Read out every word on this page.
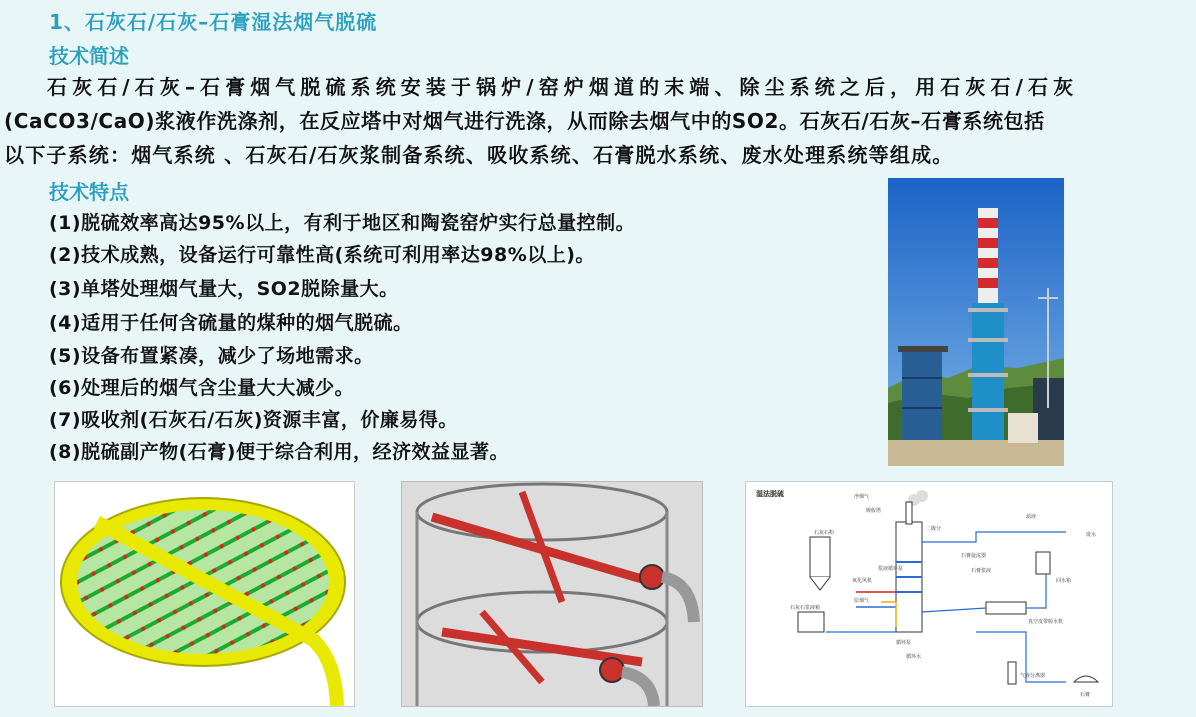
1、石灰石/石灰–石膏湿法烟气脱硫
技术简述
石灰石/石灰–石膏烟气脱硫系统安装于锅炉/窑炉烟道的末端、除尘系统之后，用石灰石/石灰
(CaCO3/CaO)浆液作洗涤剂，在反应塔中对烟气进行洗涤，从而除去烟气中的SO2。石灰石/石灰–石膏系统包括
以下子系统：烟气系统 、石灰石/石灰浆制备系统、吸收系统、石膏脱水系统、废水处理系统等组成。
技术特点
(1)脱硫效率高达95%以上，有利于地区和陶瓷窑炉实行总量控制。
(2)技术成熟，设备运行可靠性高(系统可利用率达98%以上)。
(3)单塔处理烟气量大，SO2脱除量大。
(4)适用于任何含硫量的煤种的烟气脱硫。
(5)设备布置紧凑，减少了场地需求。
(6)处理后的烟气含尘量大大减少。
(7)吸收剂(石灰石/石灰)资源丰富，价廉易得。
(8)脱硫副产物(石膏)便于综合利用，经济效益显著。
湿法脱硫	净烟气
吸收塔
石灰石粉
石灰石浆液箱
氧化风机
原烟气
浆液循环泵
循环泵
二级分
石膏旋流器
石膏浆液
真空皮带脱水机
回水箱
滤液
石膏
废水
循环水
气液分离器
